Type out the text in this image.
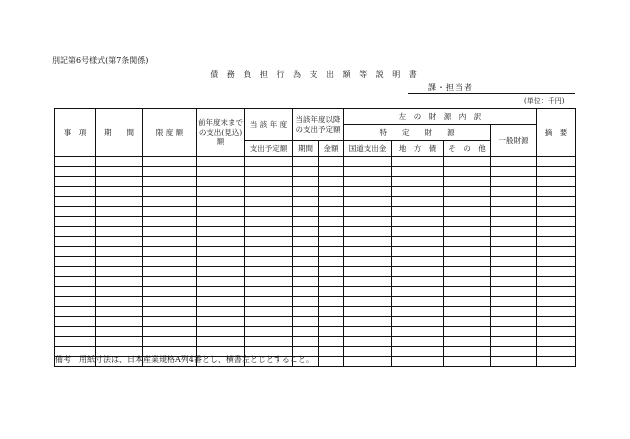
別記第6号様式(第7条関係)
債 務 負 担 行 為 支 出 額 等 説 明 書
課・担当者
(単位：千円)
事　項	期　　間	限 度 額	前年度末までの支出(見込)額	当 該 年 度	当該年度以降の支出予定額		左　の　財　源　内　訳				摘　要
							特　　定　　財　　源			一般財源	
				支出予定額	期間	金額	国道支出金	地　方　債	そ　の　他		

備考　用紙寸法は、日本産業規格A列4番とし、横書左とじとすること。
